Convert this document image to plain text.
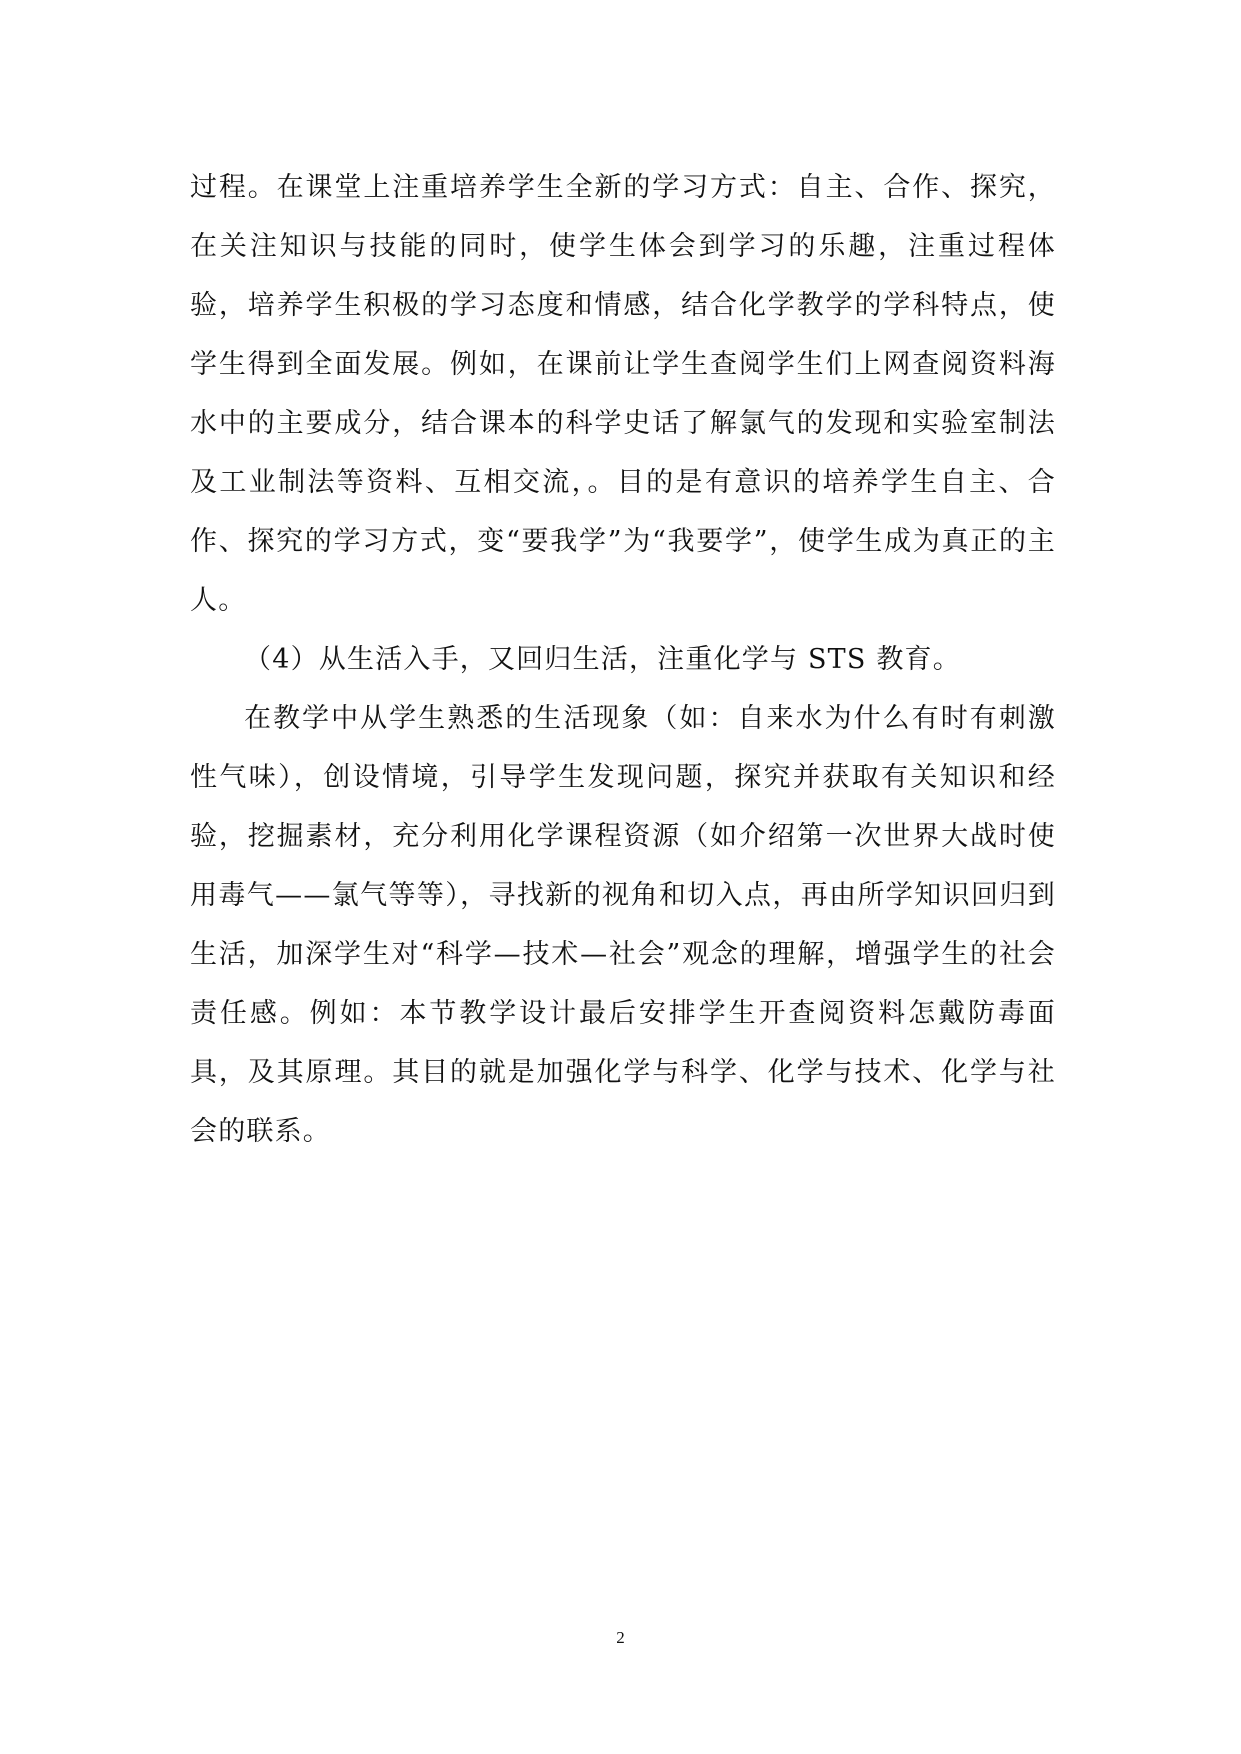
过程。在课堂上注重培养学生全新的学习方式：自主、合作、探究，在关注知识与技能的同时，使学生体会到学习的乐趣，注重过程体验，培养学生积极的学习态度和情感，结合化学教学的学科特点，使学生得到全面发展。例如，在课前让学生查阅学生们上网查阅资料海水中的主要成分，结合课本的科学史话了解氯气的发现和实验室制法及工业制法等资料、互相交流，。目的是有意识的培养学生自主、合作、探究的学习方式，变“要我学”为“我要学”，使学生成为真正的主人。

（4）从生活入手，又回归生活，注重化学与 STS 教育。

在教学中从学生熟悉的生活现象（如：自来水为什么有时有刺激性气味），创设情境，引导学生发现问题，探究并获取有关知识和经验，挖掘素材，充分利用化学课程资源（如介绍第一次世界大战时使用毒气——氯气等等），寻找新的视角和切入点，再由所学知识回归到生活，加深学生对“科学—技术—社会”观念的理解，增强学生的社会责任感。例如：本节教学设计最后安排学生开查阅资料怎戴防毒面具，及其原理。其目的就是加强化学与科学、化学与技术、化学与社会的联系。

2
